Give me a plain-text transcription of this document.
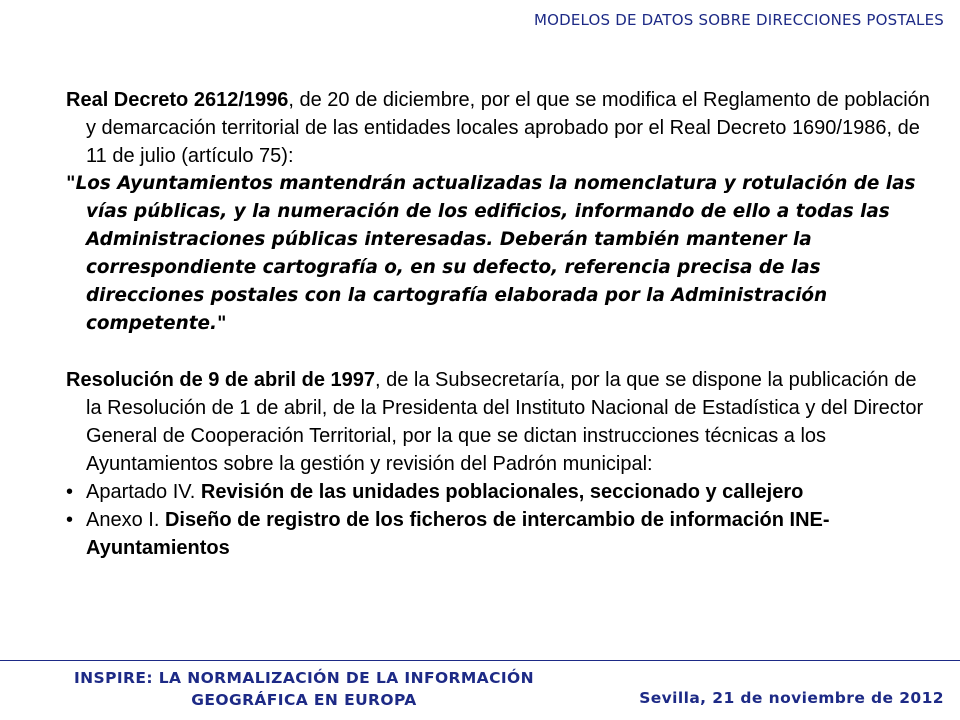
MODELOS DE DATOS SOBRE DIRECCIONES POSTALES

Real Decreto 2612/1996, de 20 de diciembre, por el que se modifica el Reglamento de población y demarcación territorial de las entidades locales aprobado por el Real Decreto 1690/1986, de 11 de julio (artículo 75):

"Los Ayuntamientos mantendrán actualizadas la nomenclatura y rotulación de las vías públicas, y la numeración de los edificios, informando de ello a todas las Administraciones públicas interesadas. Deberán también mantener la correspondiente cartografía o, en su defecto, referencia precisa de las direcciones postales con la cartografía elaborada por la Administración competente."

Resolución de 9 de abril de 1997, de la Subsecretaría, por la que se dispone la publicación de la Resolución de 1 de abril, de la Presidenta del Instituto Nacional de Estadística y del Director General de Cooperación Territorial, por la que se dictan instrucciones técnicas a los Ayuntamientos sobre la gestión y revisión del Padrón municipal:

• Apartado IV. Revisión de las unidades poblacionales, seccionado y callejero

• Anexo I. Diseño de registro de los ficheros de intercambio de información INE-Ayuntamientos

INSPIRE: LA NORMALIZACIÓN DE LA INFORMACIÓN
GEOGRÁFICA EN EUROPA	Sevilla, 21 de noviembre de 2012
